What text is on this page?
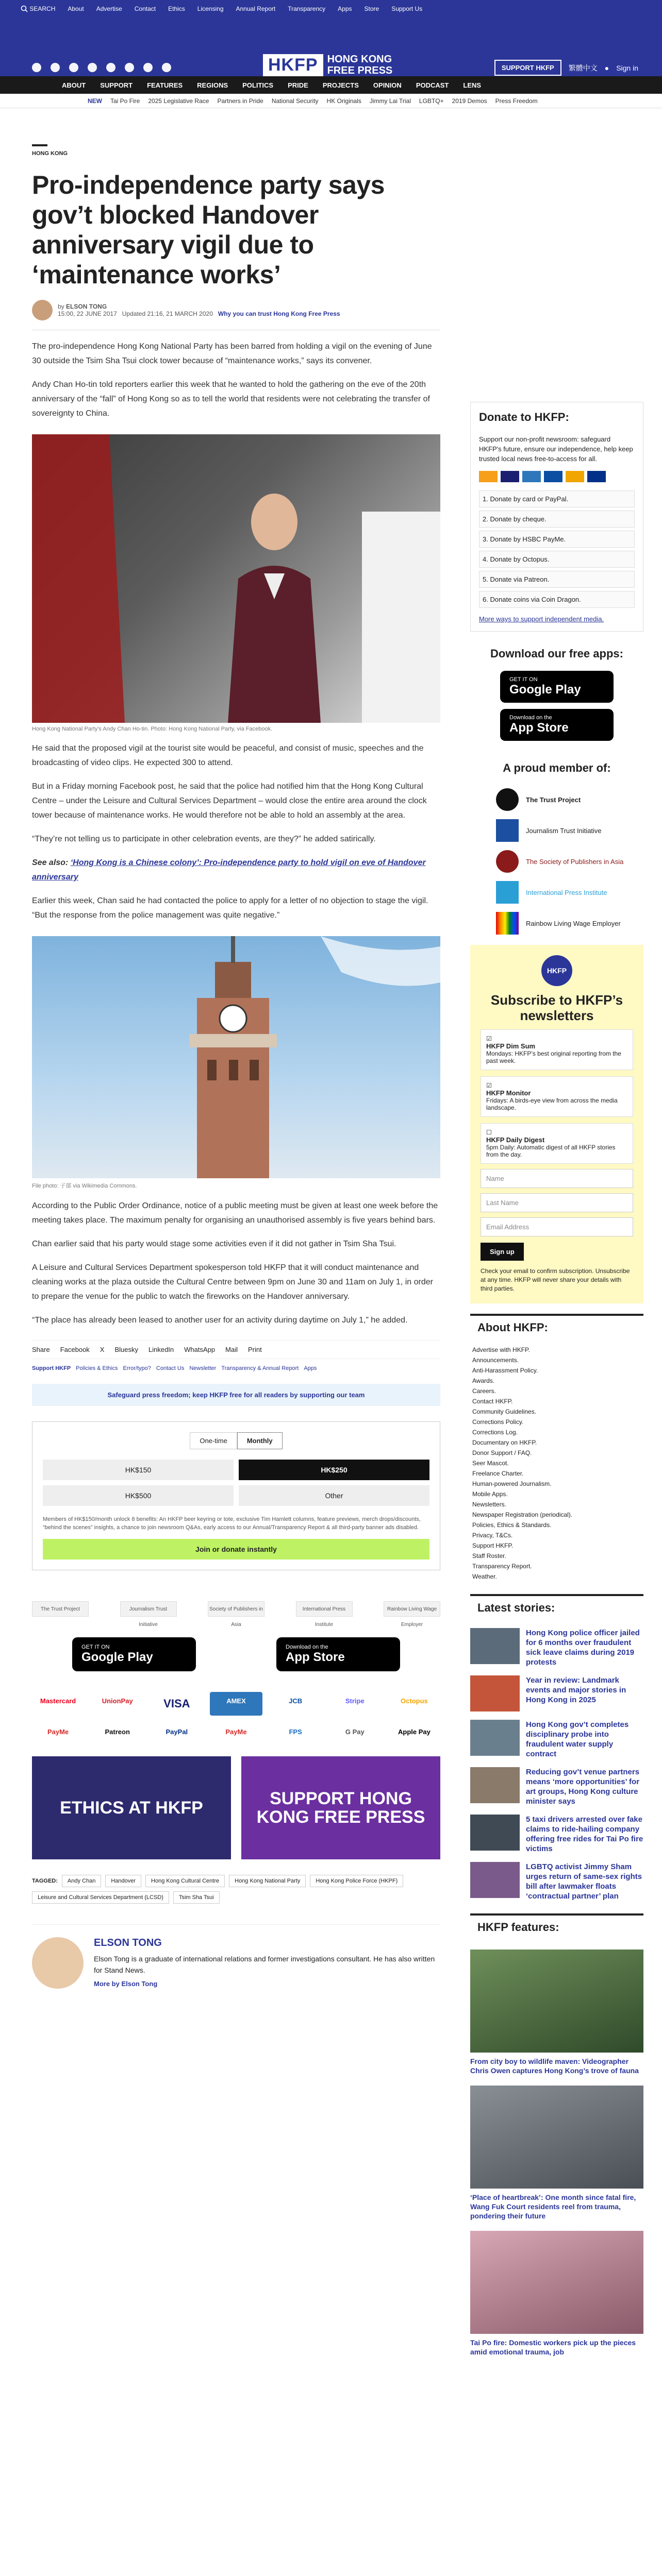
SEARCH About Advertise Contact Ethics Licensing Annual Report Transparency Apps Store Support Us
HKFP HONG KONG
FREE PRESS	SUPPORT HKFP	繁體中文 ● Sign in
ABOUT SUPPORT FEATURES REGIONS POLITICS PRIDE PROJECTS OPINION PODCAST LENS
NEW Tai Po Fire 2025 Legislative Race Partners in Pride National Security HK Originals Jimmy Lai Trial LGBTQ+ 2019 Demos Press Freedom
HONG KONG
Pro-independence party says gov’t blocked Handover anniversary vigil due to ‘maintenance works’
by ELSON TONG
15:00, 22 JUNE 2017 Updated 21:16, 21 MARCH 2020 Why you can trust Hong Kong Free Press

The pro-independence Hong Kong National Party has been barred from holding a vigil on the evening of June 30 outside the Tsim Sha Tsui clock tower because of “maintenance works,” says its convener.

Andy Chan Ho-tin told reporters earlier this week that he wanted to hold the gathering on the eve of the 20th anniversary of the “fall” of Hong Kong so as to tell the world that residents were not celebrating the transfer of sovereignty to China.

Hong Kong National Party’s Andy Chan Ho-tin. Photo: Hong Kong National Party, via Facebook.

He said that the proposed vigil at the tourist site would be peaceful, and consist of music, speeches and the broadcasting of video clips. He expected 300 to attend.

But in a Friday morning Facebook post, he said that the police had notified him that the Hong Kong Cultural Centre – under the Leisure and Cultural Services Department – would close the entire area around the clock tower because of maintenance works. He would therefore not be able to hold an assembly at the area.

“They’re not telling us to participate in other celebration events, are they?” he added satirically.

See also: ‘Hong Kong is a Chinese colony’: Pro-independence party to hold vigil on eve of Handover anniversary

Earlier this week, Chan said he had contacted the police to apply for a letter of no objection to stage the vigil. “But the response from the police management was quite negative.”

File photo: 子部 via Wikimedia Commons.

According to the Public Order Ordinance, notice of a public meeting must be given at least one week before the meeting takes place. The maximum penalty for organising an unauthorised assembly is five years behind bars.

Chan earlier said that his party would stage some activities even if it did not gather in Tsim Sha Tsui.

A Leisure and Cultural Services Department spokesperson told HKFP that it will conduct maintenance and cleaning works at the plaza outside the Cultural Centre between 9pm on June 30 and 11am on July 1, in order to prepare the venue for the public to watch the fireworks on the Handover anniversary.

“The place has already been leased to another user for an activity during daytime on July 1,” he added.

Share Facebook X Bluesky LinkedIn WhatsApp Mail Print
Support HKFP Policies & Ethics Error/typo? Contact Us Newsletter Transparency & Annual Report Apps
Safeguard press freedom; keep HKFP free for all readers by supporting our team
One-time	Monthly
HK$150	HK$250
HK$500	Other
Members of HK$150/month unlock 8 benefits: An HKFP beer keyring or tote, exclusive Tim Hamlett columns, feature previews, merch drops/discounts, “behind the scenes” insights, a chance to join newsroom Q&As, early access to our Annual/Transparency Report & all third-party banner ads disabled.
Join or donate instantly
The Trust Project	Journalism Trust Initiative
Society of Publishers in Asia
International Press Institute
Rainbow Living Wage Employer
GET IT ON
Google Play
Download on the
App Store
Mastercard	UnionPay	VISA	AMEX	JCB	Stripe	Octopus
PayMe	Patreon	PayPal	PayMe	FPS	G Pay	Apple Pay
ETHICS AT HKFP	SUPPORT HONG KONG FREE PRESS
TAGGED:	Andy Chan	Handover	Hong Kong Cultural Centre	Hong Kong National Party	Hong Kong Police Force (HKPF)
Leisure and Cultural Services Department (LCSD)	Tsim Sha Tsui
ELSON TONG

Elson Tong is a graduate of international relations and former investigations consultant. He has also written for Stand News.

More by Elson Tong

Donate to HKFP:

Support our non-profit newsroom: safeguard HKFP's future, ensure our independence, help keep trusted local news free-to-access for all.

1. Donate by card or PayPal.
2. Donate by cheque.
3. Donate by HSBC PayMe.
4. Donate by Octopus.
5. Donate via Patreon.
6. Donate coins via Coin Dragon.

More ways to support independent media.

Download our free apps:
GET IT ON
Google Play
Download on the
App Store
A proud member of:
The Trust Project
Journalism Trust Initiative
The Society of Publishers in Asia
International Press Institute
Rainbow Living Wage Employer
HKFP
Subscribe to HKFP’s newsletters
☑
HKFP Dim Sum
Mondays: HKFP’s best original reporting from the past week.
☑
HKFP Monitor
Fridays: A birds-eye view from across the media landscape.
☐
HKFP Daily Digest
5pm Daily: Automatic digest of all HKFP stories from the day.
Name
Last Name
Email Address
Sign up

Check your email to confirm subscription. Unsubscribe at any time. HKFP will never share your details with third parties.

About HKFP:
Advertise with HKFP.
Announcements.
Anti-Harassment Policy.
Awards.
Careers.
Contact HKFP.
Community Guidelines.
Corrections Policy.
Corrections Log.
Documentary on HKFP.
Donor Support / FAQ.
Seer Mascot.
Freelance Charter.
Human-powered Journalism.
Mobile Apps.
Newsletters.
Newspaper Registration (periodical).
Policies, Ethics & Standards.
Privacy, T&Cs.
Support HKFP.
Staff Roster.
Transparency Report.
Weather.
Latest stories:

Hong Kong police officer jailed for 6 months over fraudulent sick leave claims during 2019 protests

Year in review: Landmark events and major stories in Hong Kong in 2025

Hong Kong gov’t completes disciplinary probe into fraudulent water supply contract

Reducing gov’t venue partners means ‘more opportunities’ for art groups, Hong Kong culture minister says

5 taxi drivers arrested over fake claims to ride-hailing company offering free rides for Tai Po fire victims

LGBTQ activist Jimmy Sham urges return of same-sex rights bill after lawmaker floats ‘contractual partner’ plan

HKFP features:

From city boy to wildlife maven: Videographer Chris Owen captures Hong Kong’s trove of fauna

‘Place of heartbreak’: One month since fatal fire, Wang Fuk Court residents reel from trauma, pondering their future

Tai Po fire: Domestic workers pick up the pieces amid emotional trauma, job
